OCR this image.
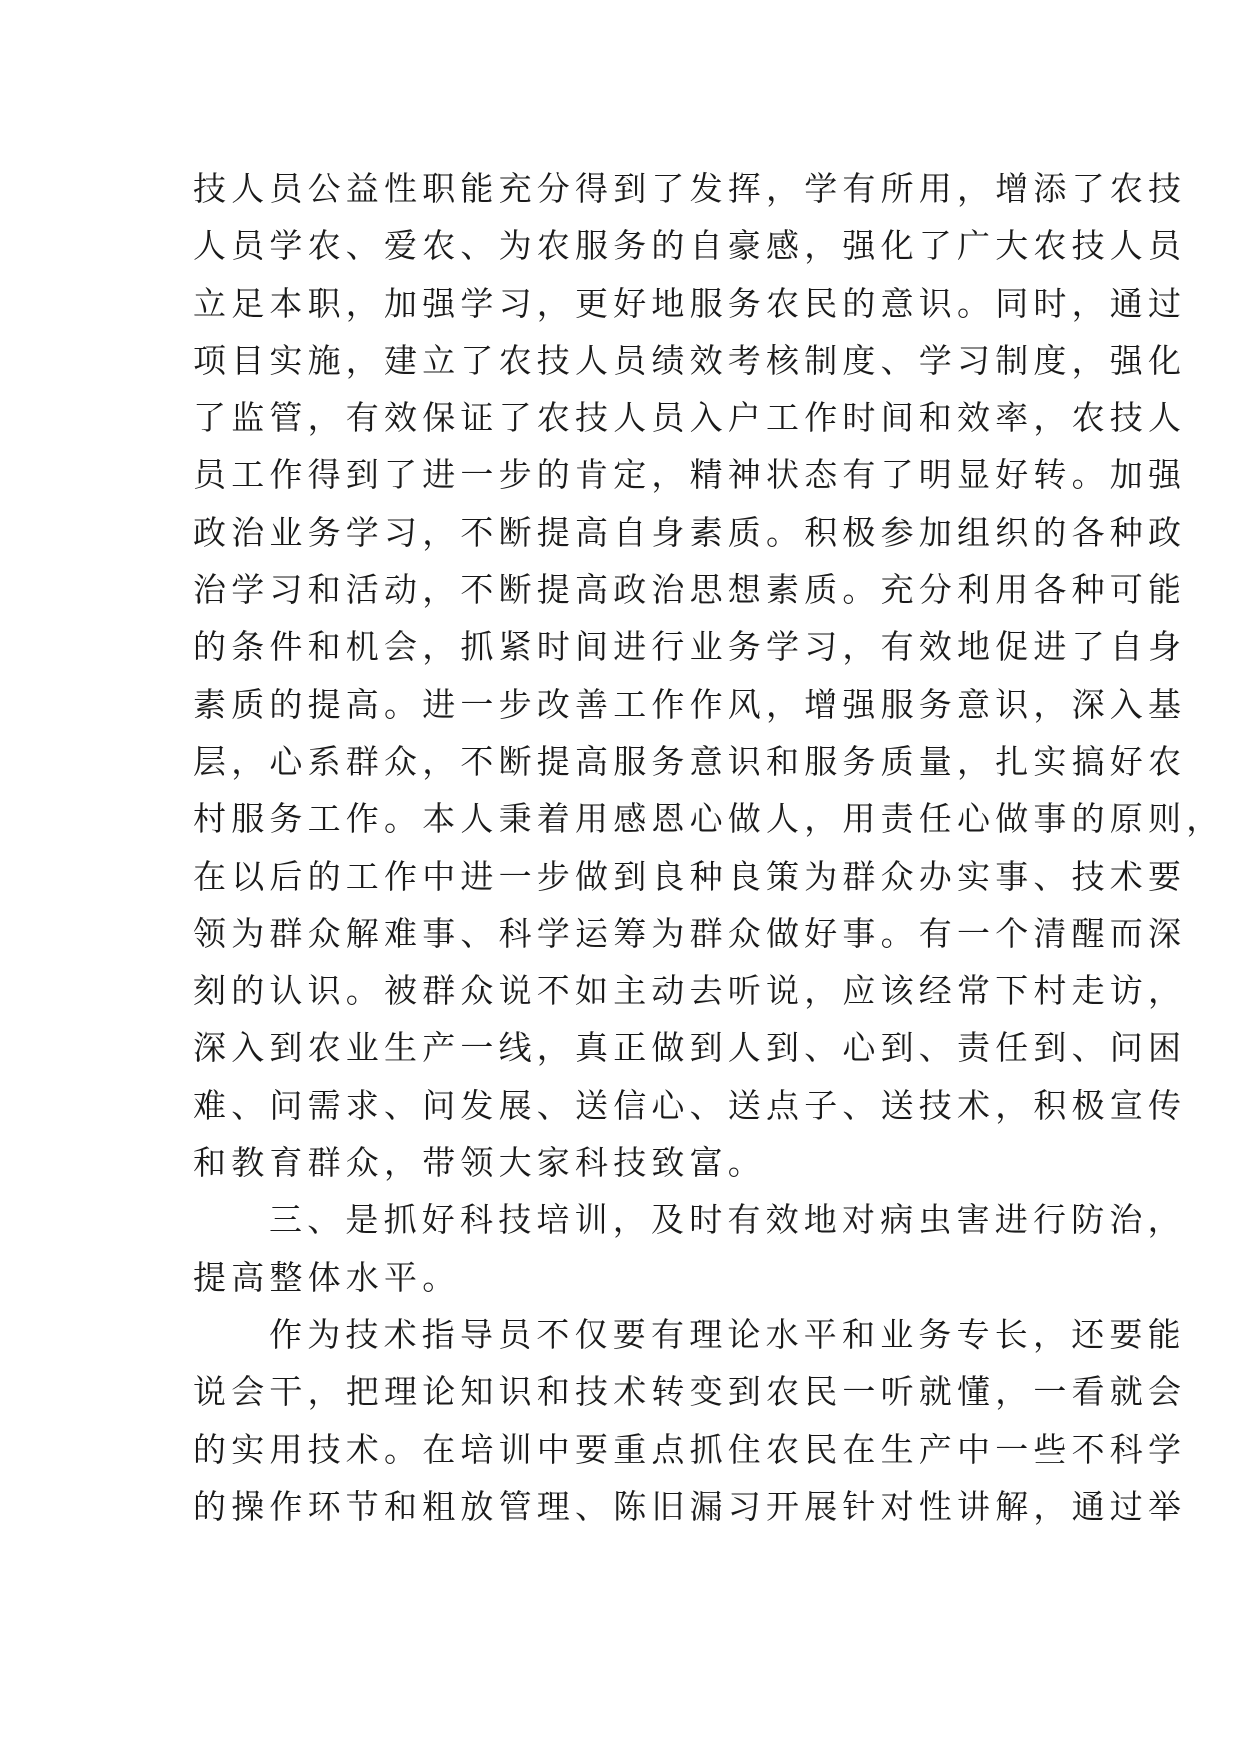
技人员公益性职能充分得到了发挥，学有所用，增添了农技
人员学农、爱农、为农服务的自豪感，强化了广大农技人员
立足本职，加强学习，更好地服务农民的意识。同时，通过
项目实施，建立了农技人员绩效考核制度、学习制度，强化
了监管，有效保证了农技人员入户工作时间和效率，农技人
员工作得到了进一步的肯定，精神状态有了明显好转。加强
政治业务学习，不断提高自身素质。积极参加组织的各种政
治学习和活动，不断提高政治思想素质。充分利用各种可能
的条件和机会，抓紧时间进行业务学习，有效地促进了自身
素质的提高。进一步改善工作作风，增强服务意识，深入基
层，心系群众，不断提高服务意识和服务质量，扎实搞好农
村服务工作。本人秉着用感恩心做人，用责任心做事的原则，
在以后的工作中进一步做到良种良策为群众办实事、技术要
领为群众解难事、科学运筹为群众做好事。有一个清醒而深
刻的认识。被群众说不如主动去听说，应该经常下村走访，
深入到农业生产一线，真正做到人到、心到、责任到、问困
难、问需求、问发展、送信心、送点子、送技术，积极宣传
和教育群众，带领大家科技致富。
三、是抓好科技培训，及时有效地对病虫害进行防治，
提高整体水平。
作为技术指导员不仅要有理论水平和业务专长，还要能
说会干，把理论知识和技术转变到农民一听就懂，一看就会
的实用技术。在培训中要重点抓住农民在生产中一些不科学
的操作环节和粗放管理、陈旧漏习开展针对性讲解，通过举
